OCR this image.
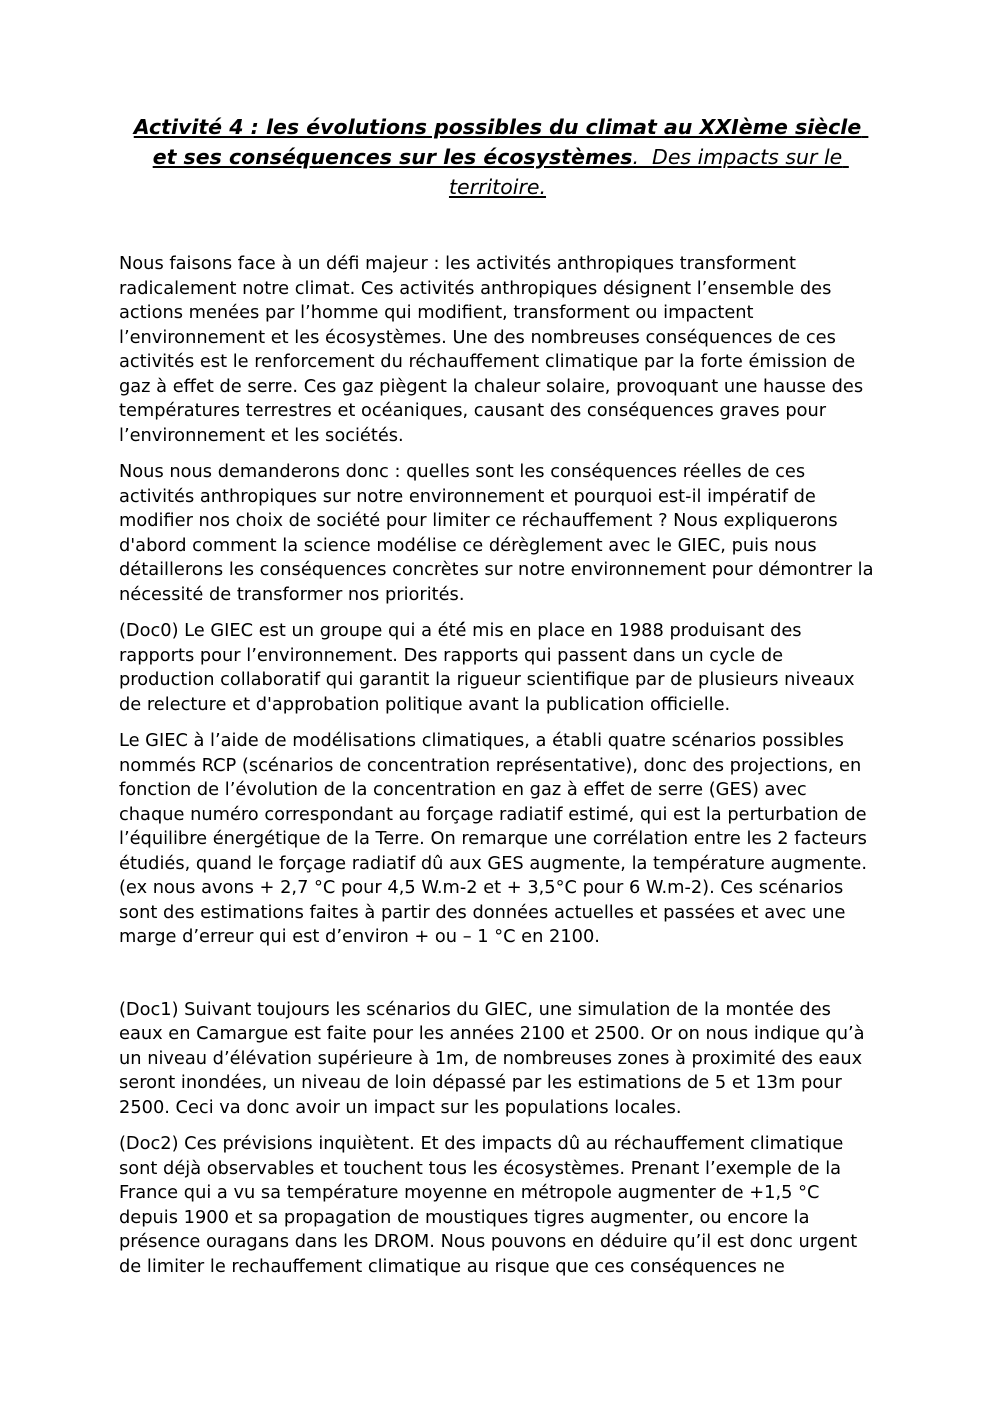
Activité 4 : les évolutions possibles du climat au XXIème siècle et ses conséquences sur les écosystèmes.  Des impacts sur le territoire.

Nous faisons face à un défi majeur : les activités anthropiques transforment radicalement notre climat. Ces activités anthropiques désignent l’ensemble des actions menées par l’homme qui modifient, transforment ou impactent l’environnement et les écosystèmes. Une des nombreuses conséquences de ces activités est le renforcement du réchauffement climatique par la forte émission de gaz à effet de serre. Ces gaz piègent la chaleur solaire, provoquant une hausse des températures terrestres et océaniques, causant des conséquences graves pour l’environnement et les sociétés.

Nous nous demanderons donc : quelles sont les conséquences réelles de ces activités anthropiques sur notre environnement et pourquoi est-il impératif de modifier nos choix de société pour limiter ce réchauffement ? Nous expliquerons d'abord comment la science modélise ce dérèglement avec le GIEC, puis nous détaillerons les conséquences concrètes sur notre environnement pour démontrer la nécessité de transformer nos priorités.

(Doc0) Le GIEC est un groupe qui a été́ mis en place en 1988 produisant des rapports pour l’environnement. Des rapports qui passent dans un cycle de production collaboratif qui garantit la rigueur scientifique par de plusieurs niveaux de relecture et d'approbation politique avant la publication officielle.

Le GIEC à l’aide de modélisations climatiques, a établi quatre scénarios possibles nommés RCP (scénarios de concentration représentative), donc des projections, en fonction de l’évolution de la concentration en gaz à effet de serre (GES) avec chaque numéro correspondant au forçage radiatif estimé, qui est la perturbation de l’équilibre énergétique de la Terre. On remarque une corrélation entre les 2 facteurs étudiés, quand le forçage radiatif dû aux GES augmente, la température augmente. (ex nous avons + 2,7 °C pour 4,5 W.m-2 et + 3,5°C pour 6 W.m-2). Ces scénarios sont des estimations faites à partir des données actuelles et passées et avec une marge d’erreur qui est d’environ + ou – 1 °C en 2100.

(Doc1) Suivant toujours les scénarios du GIEC, une simulation de la montée des eaux en Camargue est faite pour les années 2100 et 2500. Or on nous indique qu’à un niveau d’élévation supérieure à 1m, de nombreuses zones à proximité des eaux seront inondées, un niveau de loin dépassé par les estimations de 5 et 13m pour 2500. Ceci va donc avoir un impact sur les populations locales.

(Doc2) Ces prévisions inquiètent. Et des impacts dû au réchauffement climatique sont déjà observables et touchent tous les écosystèmes. Prenant l’exemple de la France qui a vu sa température moyenne en métropole augmenter de +1,5 °C depuis 1900 et sa propagation de moustiques tigres augmenter, ou encore la présence ouragans dans les DROM. Nous pouvons en déduire qu’il est donc urgent de limiter le rechauffement climatique au risque que ces conséquences ne
